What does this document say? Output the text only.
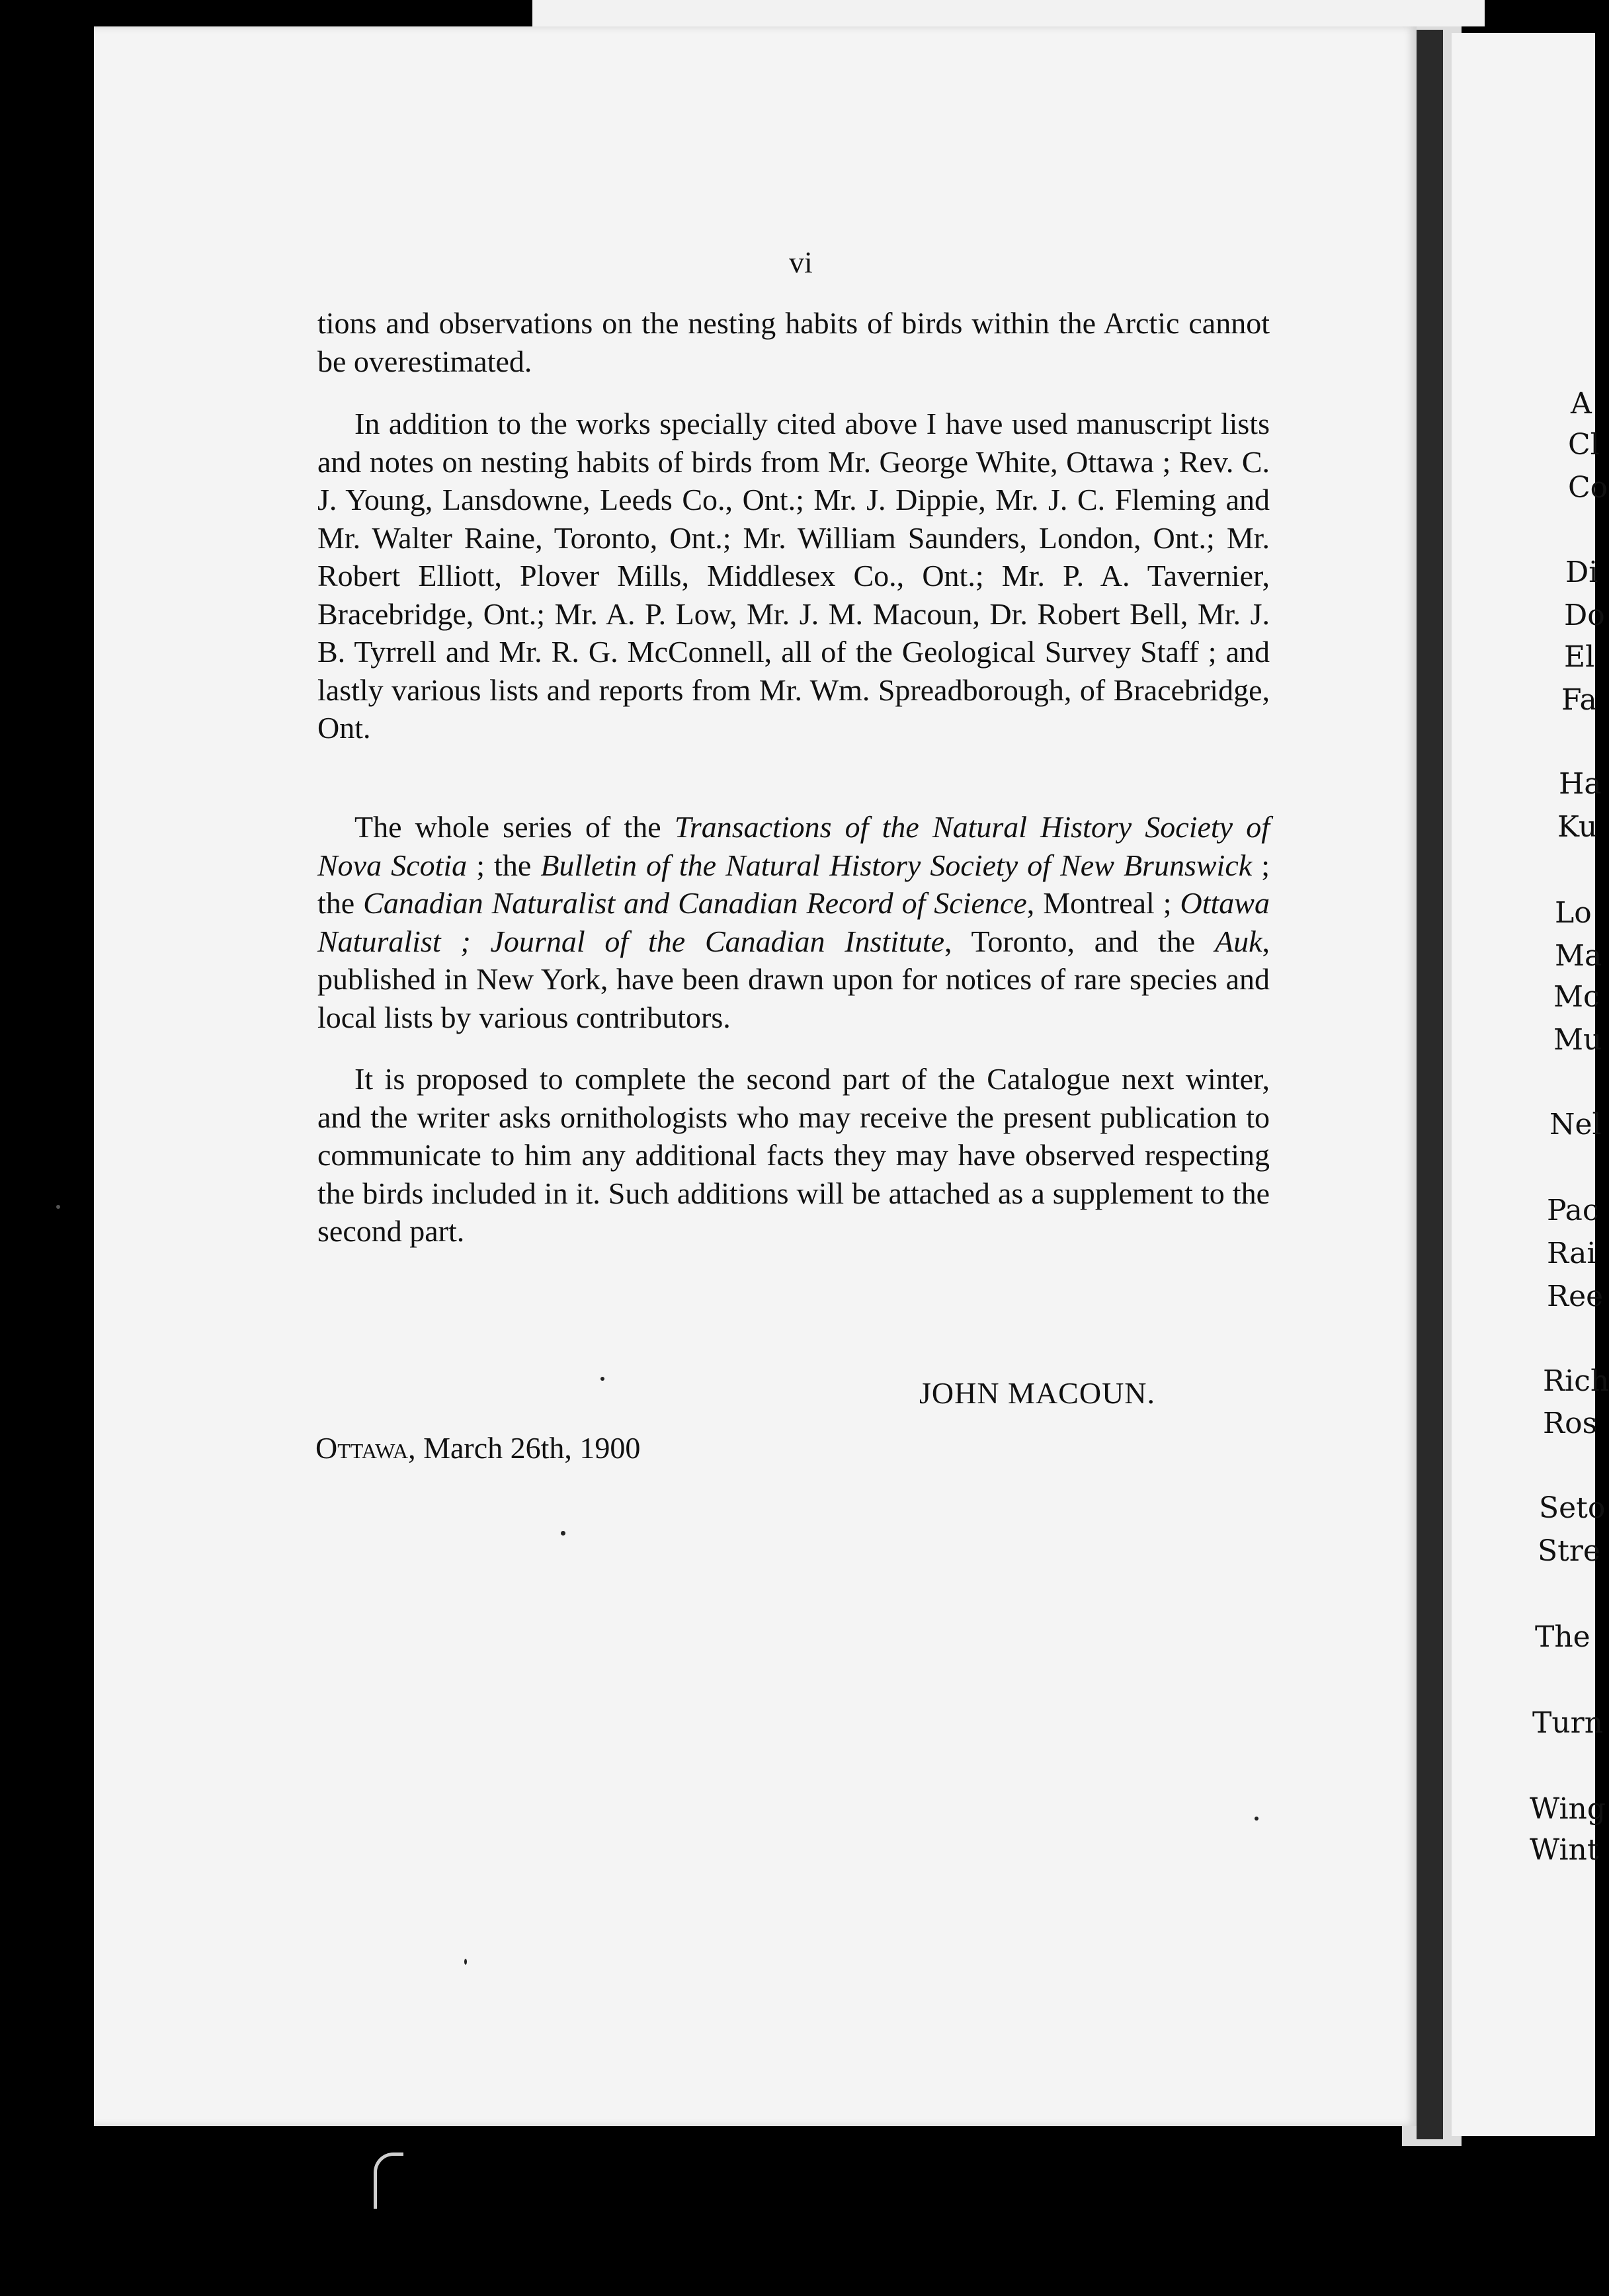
A
Cl
Co
Di
Do
El
Fa
Ha
Ku
Lo
Ma
Mc
Mu
Nel
Pac
Rai
Ree
Rich
Ros
Seto
Stre
The
Turn
Wing
Wint
vi

tions and observations on the nesting habits of birds within the Arctic cannot be overestimated.

In addition to the works specially cited above I have used manuscript lists and notes on nesting habits of birds from Mr. George White, Ottawa ; Rev. C. J. Young, Lansdowne, Leeds Co., Ont.; Mr. J. Dippie, Mr. J. C. Fleming and Mr. Walter Raine, Toronto, Ont.; Mr. William Saunders, London, Ont.; Mr. Robert Elliott, Plover Mills, Middlesex Co., Ont.; Mr. P. A. Tavernier, Bracebridge, Ont.; Mr. A. P. Low, Mr. J. M. Macoun, Dr. Robert Bell, Mr. J. B. Tyrrell and Mr. R. G. McConnell, all of the Geological Survey Staff ; and lastly various lists and reports from Mr. Wm. Spreadborough, of Bracebridge, Ont.

The whole series of the Transactions of the Natural History Society of Nova Scotia ; the Bulletin of the Natural History Society of New Brunswick ; the Canadian Naturalist and Canadian Record of Science, Montreal ; Ottawa Naturalist ; Journal of the Canadian Institute, Toronto, and the Auk, published in New York, have been drawn upon for notices of rare species and local lists by various contributors.

It is proposed to complete the second part of the Catalogue next winter, and the writer asks ornithologists who may receive the present publication to communicate to him any additional facts they may have observed respecting the birds included in it. Such additions will be attached as a supplement to the second part.

JOHN MACOUN.
Ottawa, March 26th, 1900
